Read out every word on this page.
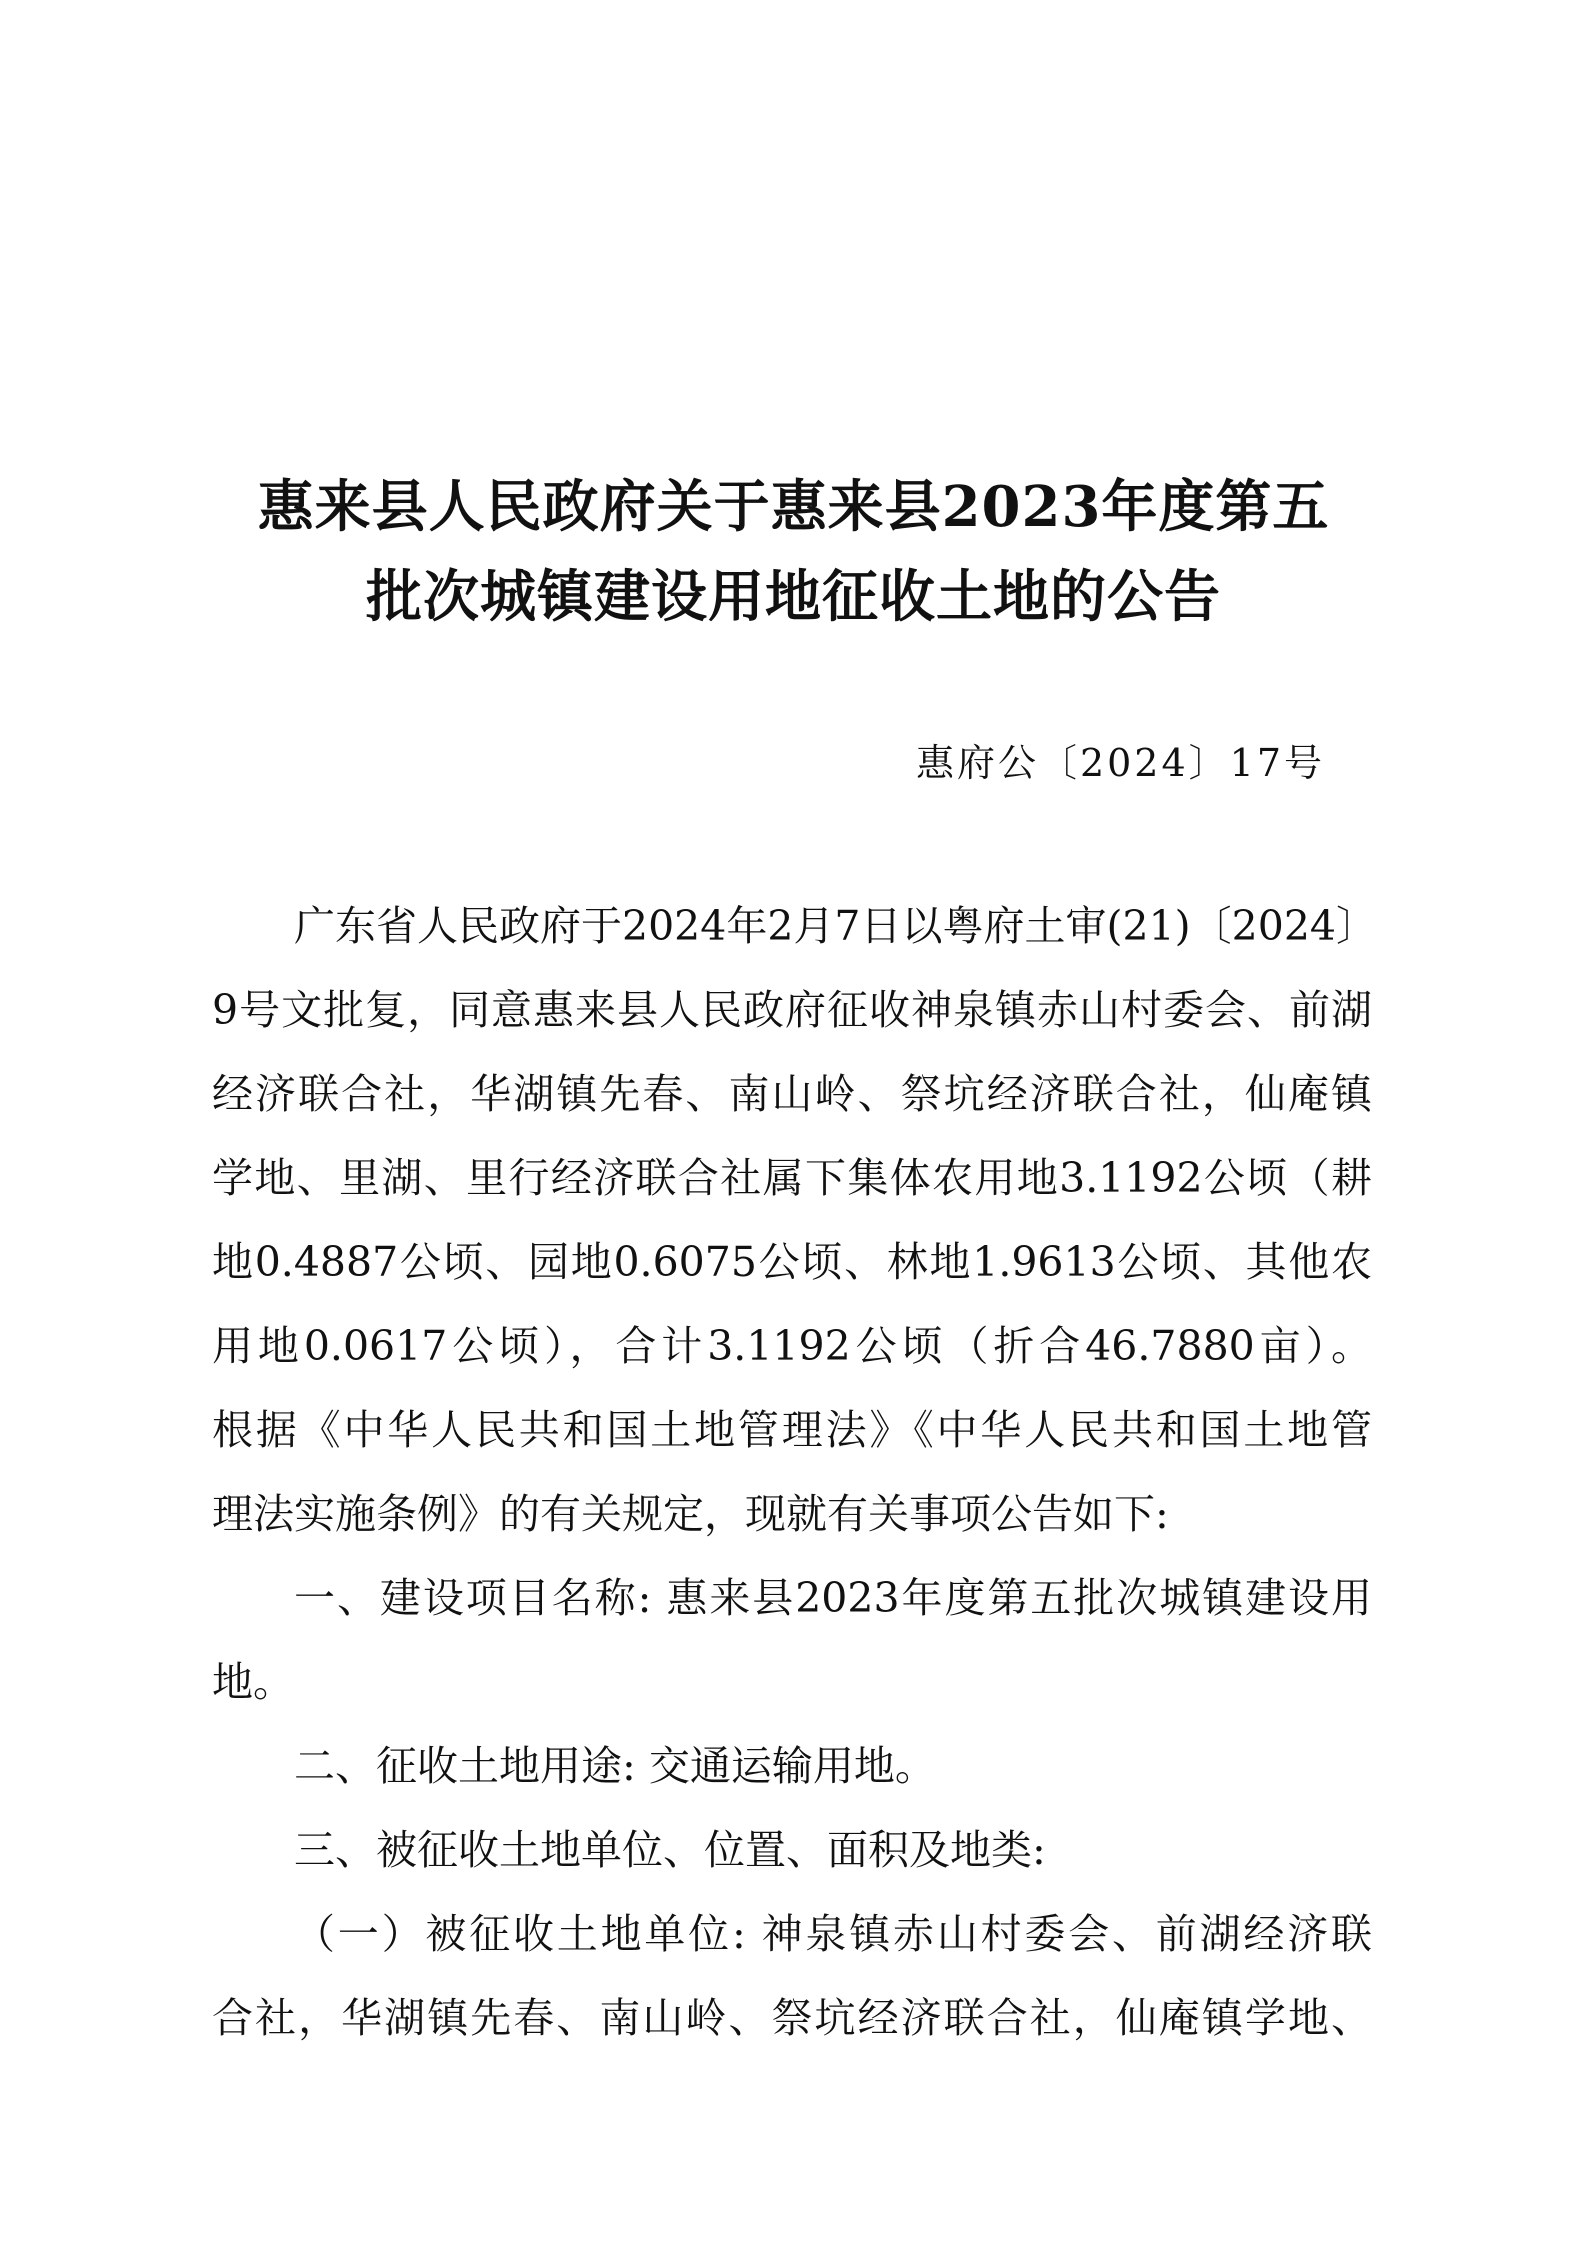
惠来县人民政府关于惠来县2023年度第五
批次城镇建设用地征收土地的公告
惠府公〔2024〕17号
广东省人民政府于2024年2月7日以粤府土审(21)〔2024〕
9号文批复，同意惠来县人民政府征收神泉镇赤山村委会、前湖
经济联合社，华湖镇先春、南山岭、祭坑经济联合社，仙庵镇
学地、里湖、里行经济联合社属下集体农用地3.1192公顷（耕
地0.4887公顷、园地0.6075公顷、林地1.9613公顷、其他农
用地0.0617公顷），合计3.1192公顷（折合46.7880亩）。
根据《中华人民共和国土地管理法》《中华人民共和国土地管
理法实施条例》的有关规定，现就有关事项公告如下:
一、建设项目名称: 惠来县2023年度第五批次城镇建设用
地。
二、征收土地用途: 交通运输用地。
三、被征收土地单位、位置、面积及地类:
（一）被征收土地单位: 神泉镇赤山村委会、前湖经济联
合社，华湖镇先春、南山岭、祭坑经济联合社，仙庵镇学地、
